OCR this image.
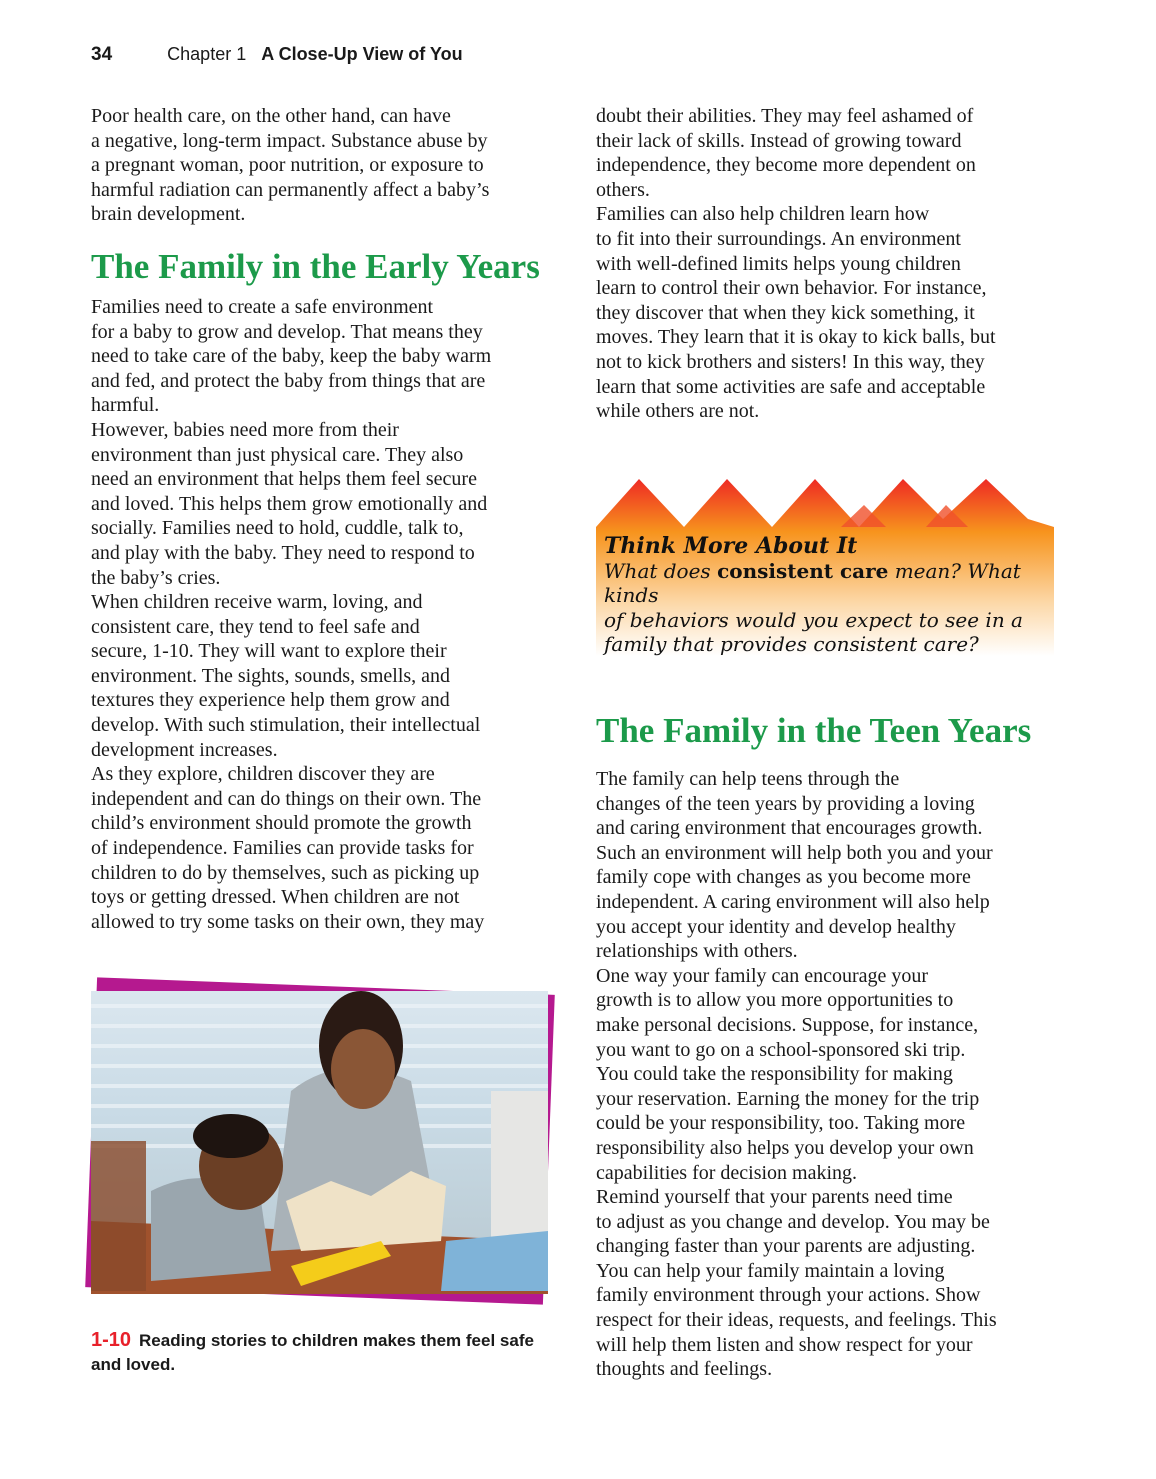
34	Chapter 1 A Close-Up View of You

Poor health care, on the other hand, can have
a negative, long-term impact. Substance abuse by
a pregnant woman, poor nutrition, or exposure to
harmful radiation can permanently affect a baby’s
brain development.

The Family in the Early Years

Families need to create a safe environment
for a baby to grow and develop. That means they
need to take care of the baby, keep the baby warm
and fed, and protect the baby from things that are
harmful.

However, babies need more from their
environment than just physical care. They also
need an environment that helps them feel secure
and loved. This helps them grow emotionally and
socially. Families need to hold, cuddle, talk to,
and play with the baby. They need to respond to
the baby’s cries.

When children receive warm, loving, and
consistent care, they tend to feel safe and
secure, 1-10. They will want to explore their
environment. The sights, sounds, smells, and
textures they experience help them grow and
develop. With such stimulation, their intellectual
development increases.

As they explore, children discover they are
independent and can do things on their own. The
child’s environment should promote the growth
of independence. Families can provide tasks for
children to do by themselves, such as picking up
toys or getting dressed. When children are not
allowed to try some tasks on their own, they may

1-10 Reading stories to children makes them feel safe and loved.

doubt their abilities. They may feel ashamed of
their lack of skills. Instead of growing toward
independence, they become more dependent on
others.

Families can also help children learn how
to fit into their surroundings. An environment
with well-defined limits helps young children
learn to control their own behavior. For instance,
they discover that when they kick something, it
moves. They learn that it is okay to kick balls, but
not to kick brothers and sisters! In this way, they
learn that some activities are safe and acceptable
while others are not.

Think More About It
What does consistent care mean? What kinds
of behaviors would you expect to see in a
family that provides consistent care?
The Family in the Teen Years

The family can help teens through the
changes of the teen years by providing a loving
and caring environment that encourages growth.
Such an environment will help both you and your
family cope with changes as you become more
independent. A caring environment will also help
you accept your identity and develop healthy
relationships with others.

One way your family can encourage your
growth is to allow you more opportunities to
make personal decisions. Suppose, for instance,
you want to go on a school-sponsored ski trip.
You could take the responsibility for making
your reservation. Earning the money for the trip
could be your responsibility, too. Taking more
responsibility also helps you develop your own
capabilities for decision making.

Remind yourself that your parents need time
to adjust as you change and develop. You may be
changing faster than your parents are adjusting.
You can help your family maintain a loving
family environment through your actions. Show
respect for their ideas, requests, and feelings. This
will help them listen and show respect for your
thoughts and feelings.
